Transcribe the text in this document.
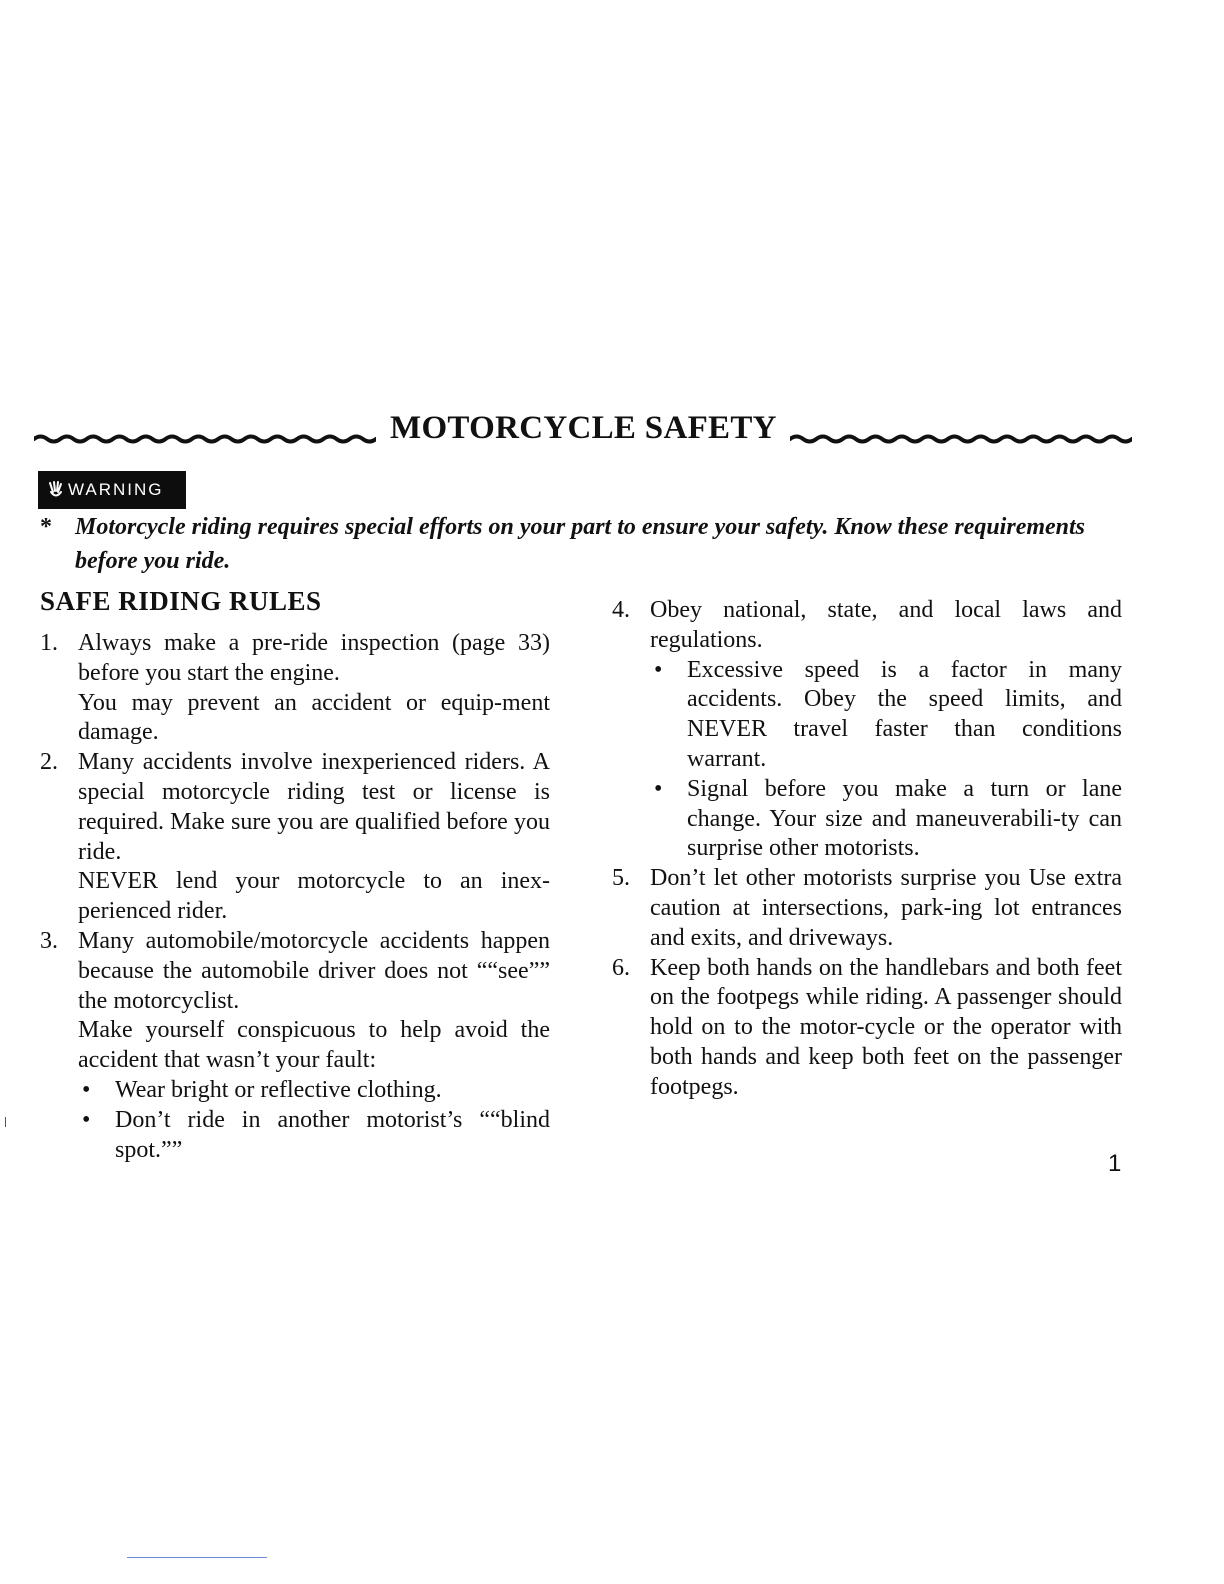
MOTORCYCLE SAFETY
WARNING
* Motorcycle riding requires special efforts on your part to ensure your safety. Know these requirements before you ride.
SAFE RIDING RULES
1. Always make a pre-ride inspection (page 33) before you start the engine.

You may prevent an accident or equip-ment damage.

2. Many accidents involve inexperienced riders. A special motorcycle riding test or license is required. Make sure you are qualified before you ride.

NEVER lend your motorcycle to an inex-perienced rider.

3. Many automobile/motorcycle accidents happen because the automobile driver does not ““see”” the motorcyclist.

Make yourself conspicuous to help avoid the accident that wasn’t your fault:

• Wear bright or reflective clothing.
• Don’t ride in another motorist’s ““blind spot.””
4. Obey national, state, and local laws and regulations.

• Excessive speed is a factor in many accidents. Obey the speed limits, and NEVER travel faster than conditions warrant.
• Signal before you make a turn or lane change. Your size and maneuverabili-ty can surprise other motorists.
5. Don’t let other motorists surprise you Use extra caution at intersections, park-ing lot entrances and exits, and driveways.

6. Keep both hands on the handlebars and both feet on the footpegs while riding. A passenger should hold on to the motor-cycle or the operator with both hands and keep both feet on the passenger footpegs.

1
